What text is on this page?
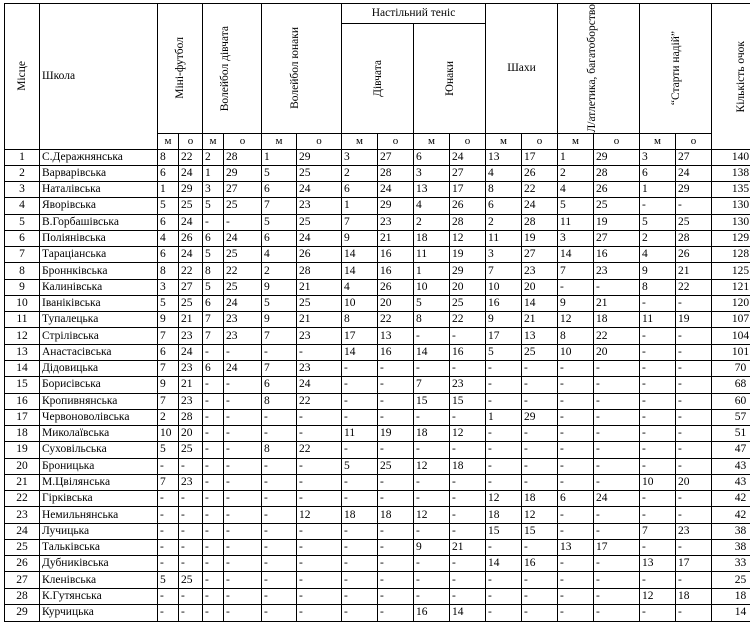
Місце	Школа	Міні-футбол		Волейбол дівчата		Волейбол юнаки		Настільний теніс				Шахи		Л/атлетика, багатоборство		“Старти надій”		Кількість очок

								Дівчата		Юнаки								

		м	о	м	о	м	о	м	о	м	о	м	о	м	о	м	о	
1	С.Деражнянська	8	22	2	28	1	29	3	27	6	24	13	17	1	29	3	27	140
2	Варварівська	6	24	1	29	5	25	2	28	3	27	4	26	2	28	6	24	138
3	Наталівська	1	29	3	27	6	24	6	24	13	17	8	22	4	26	1	29	135
4	Яворівська	5	25	5	25	7	23	1	29	4	26	6	24	5	25	-	-	130
5	В.Горбашівська	6	24	-	-	5	25	7	23	2	28	2	28	11	19	5	25	130
6	Поліянівська	4	26	6	24	6	24	9	21	18	12	11	19	3	27	2	28	129
7	Тараціанська	6	24	5	25	4	26	14	16	11	19	3	27	14	16	4	26	128
8	Броннківська	8	22	8	22	2	28	14	16	1	29	7	23	7	23	9	21	125
9	Калинівська	3	27	5	25	9	21	4	26	10	20	10	20	-	-	8	22	121
10	Іваніківська	5	25	6	24	5	25	10	20	5	25	16	14	9	21	-	-	120
11	Тупалецька	9	21	7	23	9	21	8	22	8	22	9	21	12	18	11	19	107
12	Стрілівська	7	23	7	23	7	23	17	13	-	-	17	13	8	22	-	-	104
13	Анастасівська	6	24	-	-	-	-	14	16	14	16	5	25	10	20	-	-	101
14	Дідовицька	7	23	6	24	7	23	-	-	-	-	-	-	-	-	-	-	70
15	Борисівська	9	21	-	-	6	24	-	-	7	23	-	-	-	-	-	-	68
16	Кропивнянська	7	23	-	-	8	22	-	-	15	15	-	-	-	-	-	-	60
17	Червоноволівська	2	28	-	-	-	-	-	-	-	-	1	29	-	-	-	-	57
18	Миколаївська	10	20	-	-	-	-	11	19	18	12	-	-	-	-	-	-	51
19	Суховільська	5	25	-	-	8	22	-	-	-	-	-	-	-	-	-	-	47
20	Броницька	-	-	-	-	-	-	5	25	12	18	-	-	-	-	-	-	43
21	М.Цвілянська	7	23	-	-	-	-	-	-	-	-	-	-	-	-	10	20	43
22	Гірківська	-	-	-	-	-	-	-	-	-	-	12	18	6	24	-	-	42
23	Немильнянська	-	-	-	-	-	12	18	18	12	-	18	12	-	-	-	-	42
24	Лучицька	-	-	-	-	-	-	-	-	-	-	15	15	-	-	7	23	38
25	Тальківська	-	-	-	-	-	-	-	-	9	21	-	-	13	17	-	-	38
26	Дубниківська	-	-	-	-	-	-	-	-	-	-	14	16	-	-	13	17	33
27	Кленівська	5	25	-	-	-	-	-	-	-	-	-	-	-	-	-	-	25
28	К.Гутянська	-	-	-	-	-	-	-	-	-	-	-	-	-	-	12	18	18
29	Курчицька	-	-	-	-	-	-	-	-	16	14	-	-	-	-	-	-	14
